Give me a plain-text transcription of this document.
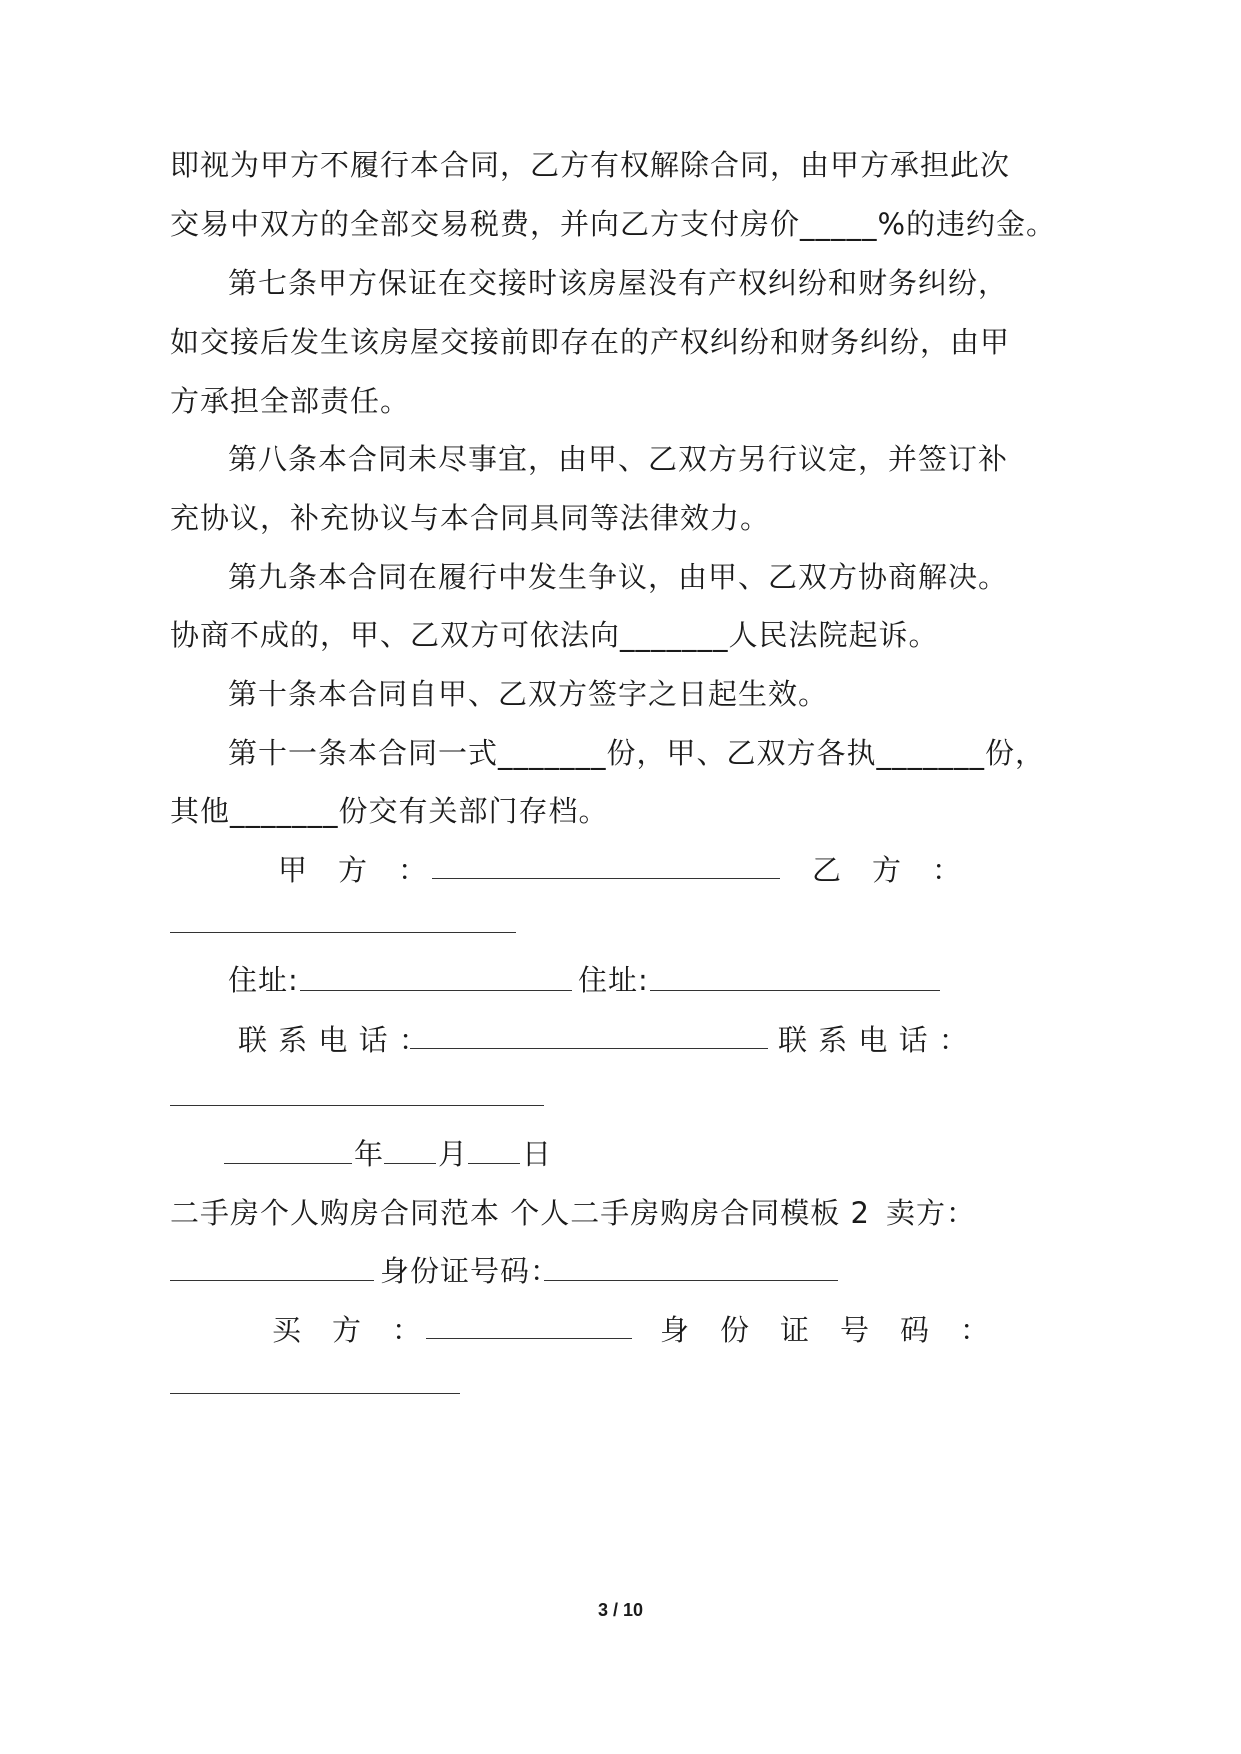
即视为甲方不履行本合同，乙方有权解除合同，由甲方承担此次
交易中双方的全部交易税费，并向乙方支付房价_____%的违约金。
第七条甲方保证在交接时该房屋没有产权纠纷和财务纠纷，
如交接后发生该房屋交接前即存在的产权纠纷和财务纠纷，由甲
方承担全部责任。
第八条本合同未尽事宜，由甲、乙双方另行议定，并签订补
充协议，补充协议与本合同具同等法律效力。
第九条本合同在履行中发生争议，由甲、乙双方协商解决。
协商不成的，甲、乙双方可依法向_______人民法院起诉。
第十条本合同自甲、乙双方签字之日起生效。
第十一条本合同一式_______份，甲、乙双方各执_______份，
其他_______份交有关部门存档。
甲　方　：	乙　方　：
住址:	住址:
联 系 电 话 ：	联 系 电 话 ：
年 月 日
二手房个人购房合同范本 个人二手房购房合同模板 2 卖方：
身份证号码：
买　方　：	身　份　证　号　码　：
3 / 10
